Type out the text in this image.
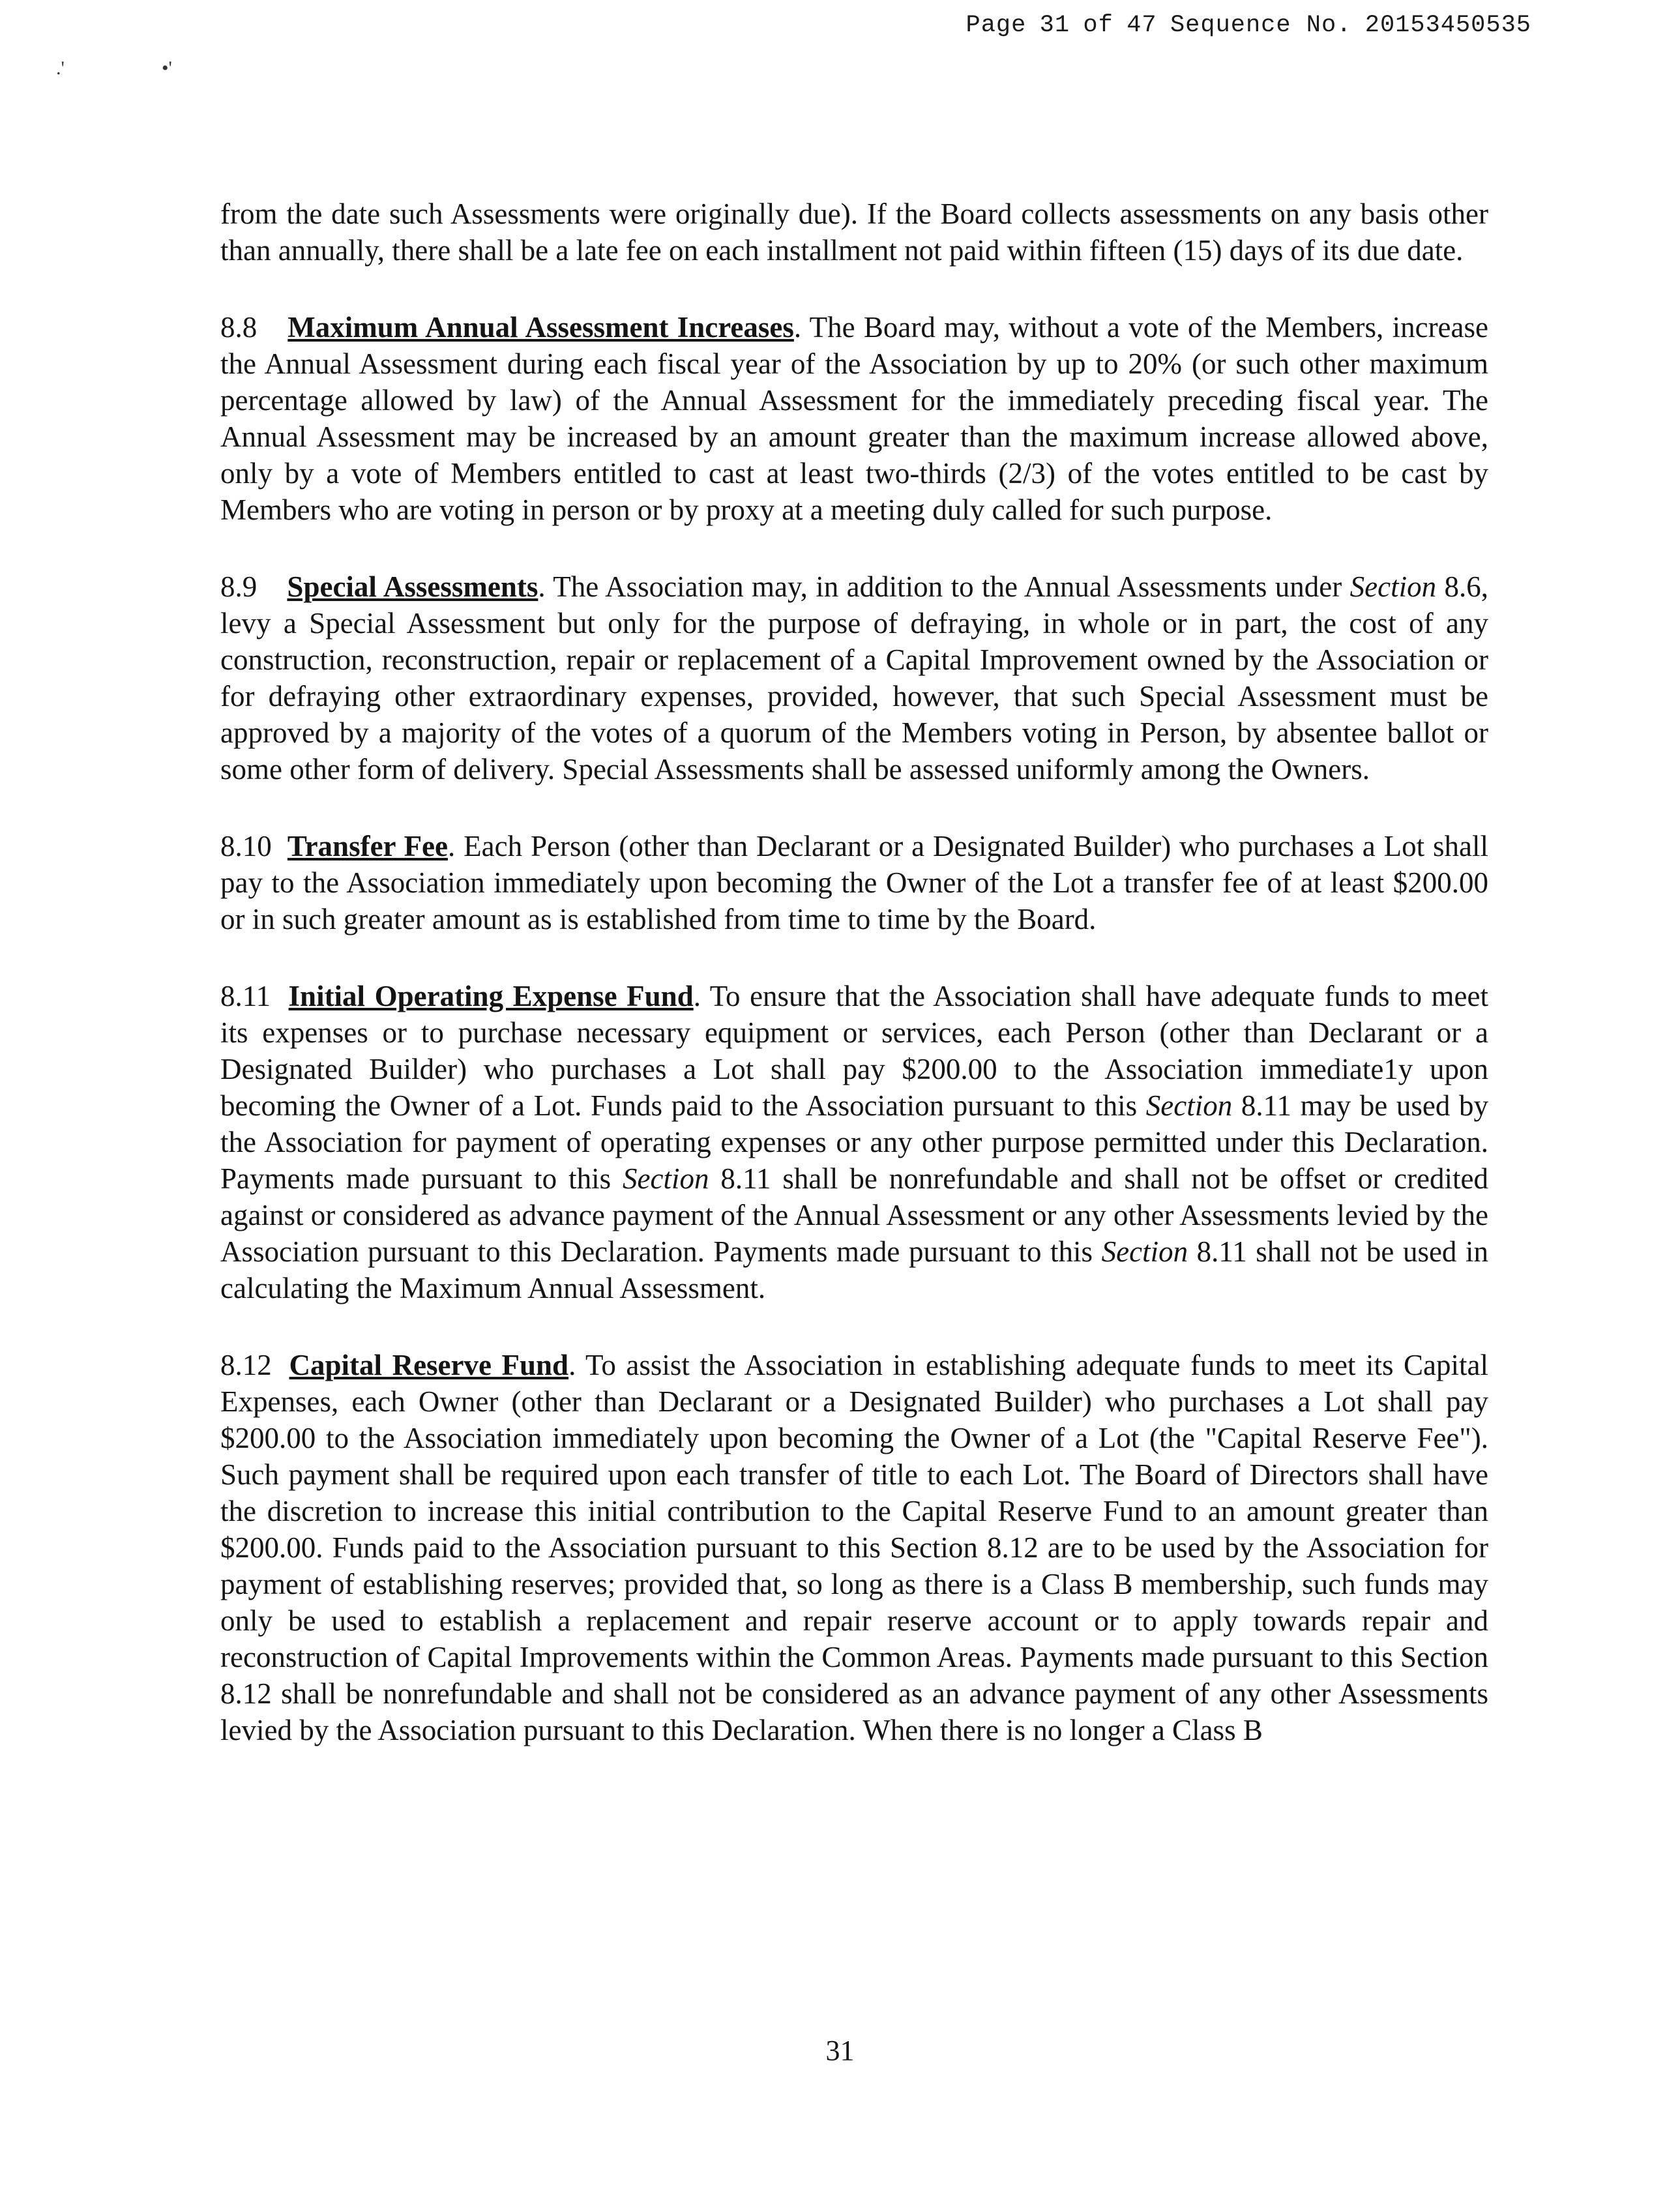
Page 31 of 47 Sequence No. 20153450535
.'	•'

from the date such Assessments were originally due). If the Board collects assessments on any basis other than annually, there shall be a late fee on each installment not paid within fifteen (15) days of its due date.

8.8 Maximum Annual Assessment Increases. The Board may, without a vote of the Members, increase the Annual Assessment during each fiscal year of the Association by up to 20% (or such other maximum percentage allowed by law) of the Annual Assessment for the immediately preceding fiscal year. The Annual Assessment may be increased by an amount greater than the maximum increase allowed above, only by a vote of Members entitled to cast at least two-thirds (2/3) of the votes entitled to be cast by Members who are voting in person or by proxy at a meeting duly called for such purpose.

8.9 Special Assessments. The Association may, in addition to the Annual Assessments under Section 8.6, levy a Special Assessment but only for the purpose of defraying, in whole or in part, the cost of any construction, reconstruction, repair or replacement of a Capital Improvement owned by the Association or for defraying other extraordinary expenses, provided, however, that such Special Assessment must be approved by a majority of the votes of a quorum of the Members voting in Person, by absentee ballot or some other form of delivery. Special Assessments shall be assessed uniformly among the Owners.

8.10 Transfer Fee. Each Person (other than Declarant or a Designated Builder) who purchases a Lot shall pay to the Association immediately upon becoming the Owner of the Lot a transfer fee of at least $200.00 or in such greater amount as is established from time to time by the Board.

8.11 Initial Operating Expense Fund. To ensure that the Association shall have adequate funds to meet its expenses or to purchase necessary equipment or services, each Person (other than Declarant or a Designated Builder) who purchases a Lot shall pay $200.00 to the Association immediate1y upon becoming the Owner of a Lot. Funds paid to the Association pursuant to this Section 8.11 may be used by the Association for payment of operating expenses or any other purpose permitted under this Declaration. Payments made pursuant to this Section 8.11 shall be nonrefundable and shall not be offset or credited against or considered as advance payment of the Annual Assessment or any other Assessments levied by the Association pursuant to this Declaration. Payments made pursuant to this Section 8.11 shall not be used in calculating the Maximum Annual Assessment.

8.12 Capital Reserve Fund. To assist the Association in establishing adequate funds to meet its Capital Expenses, each Owner (other than Declarant or a Designated Builder) who purchases a Lot shall pay $200.00 to the Association immediately upon becoming the Owner of a Lot (the "Capital Reserve Fee"). Such payment shall be required upon each transfer of title to each Lot. The Board of Directors shall have the discretion to increase this initial contribution to the Capital Reserve Fund to an amount greater than $200.00. Funds paid to the Association pursuant to this Section 8.12 are to be used by the Association for payment of establishing reserves; provided that, so long as there is a Class B membership, such funds may only be used to establish a replacement and repair reserve account or to apply towards repair and reconstruction of Capital Improvements within the Common Areas. Payments made pursuant to this Section 8.12 shall be nonrefundable and shall not be considered as an advance payment of any other Assessments levied by the Association pursuant to this Declaration. When there is no longer a Class B

31
